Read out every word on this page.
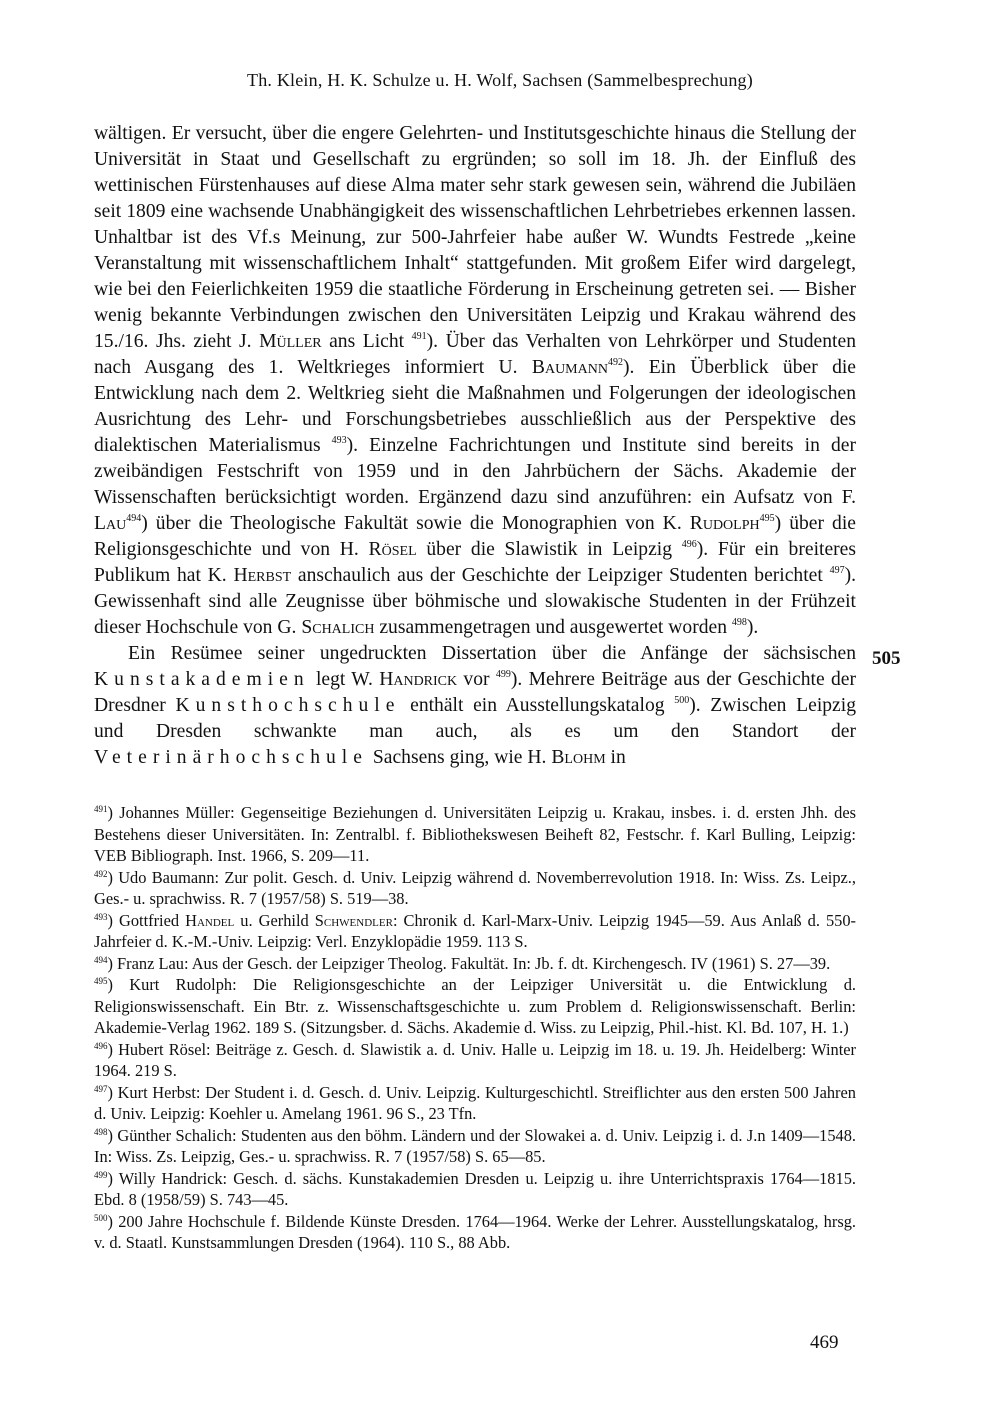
Th. Klein, H. K. Schulze u. H. Wolf, Sachsen (Sammelbesprechung)

wältigen. Er versucht, über die engere Gelehrten- und Institutsgeschichte hinaus die Stellung der Universität in Staat und Gesellschaft zu ergründen; so soll im 18. Jh. der Einfluß des wettinischen Fürstenhauses auf diese Alma mater sehr stark gewesen sein, während die Jubiläen seit 1809 eine wachsende Unabhängigkeit des wissenschaftlichen Lehrbetriebes erkennen lassen. Unhaltbar ist des Vf.s Meinung, zur 500-Jahrfeier habe außer W. Wundts Festrede „keine Veranstaltung mit wissenschaftlichem Inhalt“ stattgefunden. Mit großem Eifer wird dargelegt, wie bei den Feierlichkeiten 1959 die staatliche Förderung in Erscheinung getreten sei. — Bisher wenig bekannte Verbindungen zwischen den Universitäten Leipzig und Krakau während des 15./16. Jhs. zieht J. Müller ans Licht $^{491}$). Über das Verhalten von Lehrkörper und Studenten nach Ausgang des 1. Weltkrieges informiert U. Baumann$^{492}$). Ein Überblick über die Entwicklung nach dem 2. Weltkrieg sieht die Maßnahmen und Folgerungen der ideologischen Ausrichtung des Lehr- und Forschungsbetriebes ausschließlich aus der Perspektive des dialektischen Materialismus $^{493}$). Einzelne Fachrichtungen und Institute sind bereits in der zweibändigen Festschrift von 1959 und in den Jahrbüchern der Sächs. Akademie der Wissenschaften berücksichtigt worden. Ergänzend dazu sind anzuführen: ein Aufsatz von F. Lau$^{494}$) über die Theologische Fakultät sowie die Monographien von K. Rudolph$^{495}$) über die Religionsgeschichte und von H. Rösel über die Slawistik in Leipzig $^{496}$). Für ein breiteres Publikum hat K. Herbst anschaulich aus der Geschichte der Leipziger Studenten berichtet $^{497}$). Gewissenhaft sind alle Zeugnisse über böhmische und slowakische Studenten in der Frühzeit dieser Hochschule von G. Schalich zusammengetragen und ausgewertet worden $^{498}$).

Ein Resümee seiner ungedruckten Dissertation über die Anfänge der sächsischen Kunstakademien legt W. Handrick vor $^{499}$). Mehrere Beiträge aus der Geschichte der Dresdner Kunsthochschule enthält ein Ausstellungskatalog $^{500}$). Zwischen Leipzig und Dresden schwankte man auch, als es um den Standort der Veterinärhochschule Sachsens ging, wie H. Blohm in

505

$^{491}$) Johannes Müller: Gegenseitige Beziehungen d. Universitäten Leipzig u. Krakau, insbes. i. d. ersten Jhh. des Bestehens dieser Universitäten. In: Zentralbl. f. Bibliothekswesen Beiheft 82, Festschr. f. Karl Bulling, Leipzig: VEB Bibliograph. Inst. 1966, S. 209—11.

$^{492}$) Udo Baumann: Zur polit. Gesch. d. Univ. Leipzig während d. Novemberrevolution 1918. In: Wiss. Zs. Leipz., Ges.- u. sprachwiss. R. 7 (1957/58) S. 519—38.

$^{493}$) Gottfried Handel u. Gerhild Schwendler: Chronik d. Karl-Marx-Univ. Leipzig 1945—59. Aus Anlaß d. 550-Jahrfeier d. K.-M.-Univ. Leipzig: Verl. Enzyklopädie 1959. 113 S.

$^{494}$) Franz Lau: Aus der Gesch. der Leipziger Theolog. Fakultät. In: Jb. f. dt. Kirchengesch. IV (1961) S. 27—39.

$^{495}$) Kurt Rudolph: Die Religionsgeschichte an der Leipziger Universität u. die Entwicklung d. Religionswissenschaft. Ein Btr. z. Wissenschaftsgeschichte u. zum Problem d. Religionswissenschaft. Berlin: Akademie-Verlag 1962. 189 S. (Sitzungsber. d. Sächs. Akademie d. Wiss. zu Leipzig, Phil.-hist. Kl. Bd. 107, H. 1.)

$^{496}$) Hubert Rösel: Beiträge z. Gesch. d. Slawistik a. d. Univ. Halle u. Leipzig im 18. u. 19. Jh. Heidelberg: Winter 1964. 219 S.

$^{497}$) Kurt Herbst: Der Student i. d. Gesch. d. Univ. Leipzig. Kulturgeschichtl. Streiflichter aus den ersten 500 Jahren d. Univ. Leipzig: Koehler u. Amelang 1961. 96 S., 23 Tfn.

$^{498}$) Günther Schalich: Studenten aus den böhm. Ländern und der Slowakei a. d. Univ. Leipzig i. d. J.n 1409—1548. In: Wiss. Zs. Leipzig, Ges.- u. sprachwiss. R. 7 (1957/58) S. 65—85.

$^{499}$) Willy Handrick: Gesch. d. sächs. Kunstakademien Dresden u. Leipzig u. ihre Unterrichtspraxis 1764—1815. Ebd. 8 (1958/59) S. 743—45.

$^{500}$) 200 Jahre Hochschule f. Bildende Künste Dresden. 1764—1964. Werke der Lehrer. Ausstellungskatalog, hrsg. v. d. Staatl. Kunstsammlungen Dresden (1964). 110 S., 88 Abb.

469
